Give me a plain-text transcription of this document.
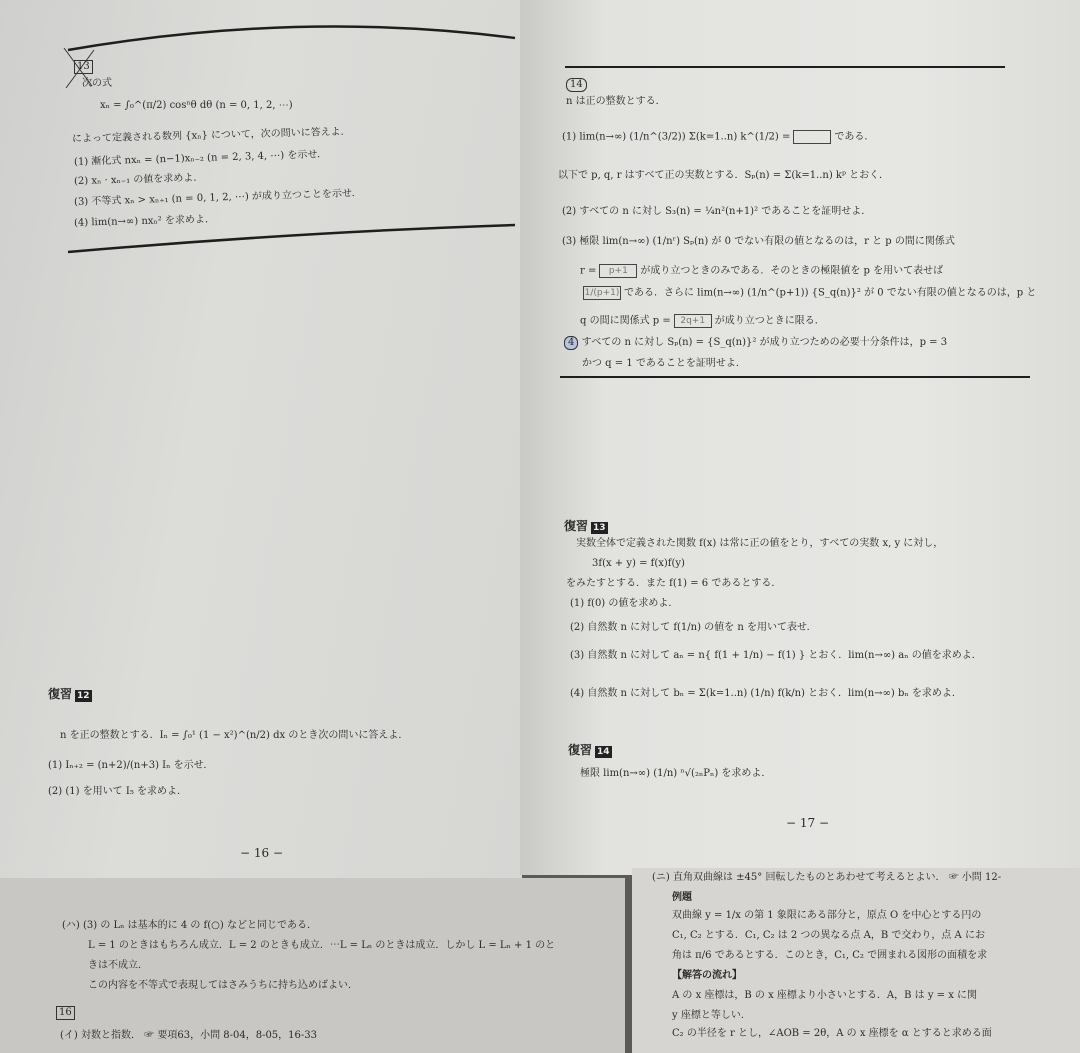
13
次の式
xₙ = ∫₀^(π/2) cosⁿθ dθ (n = 0, 1, 2, ⋯)
によって定義される数列 {xₙ} について，次の問いに答えよ．
(1) 漸化式 nxₙ = (n−1)xₙ₋₂ (n = 2, 3, 4, ⋯) を示せ．
(2) xₙ · xₙ₋₁ の値を求めよ．
(3) 不等式 xₙ > xₙ₊₁ (n = 0, 1, 2, ⋯) が成り立つことを示せ．
(4) lim(n→∞) nxₙ² を求めよ．
復習 12
n を正の整数とする．Iₙ = ∫₀¹ (1 − x²)^(n/2) dx のとき次の問いに答えよ．
(1) Iₙ₊₂ = (n+2)/(n+3) Iₙ を示せ．
(2) (1) を用いて I₅ を求めよ．
− 16 −
14
n は正の整数とする．
(1) lim(n→∞) (1/n^(3/2)) Σ(k=1..n) k^(1/2) =	である．
以下で p, q, r はすべて正の実数とする．Sₚ(n) = Σ(k=1..n) kᵖ とおく．
(2) すべての n に対し S₃(n) = ¼n²(n+1)² であることを証明せよ．
(3) 極限 lim(n→∞) (1/nʳ) Sₚ(n) が 0 でない有限の値となるのは，r と p の間に関係式
r = p+1 が成り立つときのみである．そのときの極限値を p を用いて表せば
1/(p+1) である．さらに lim(n→∞) (1/n^(p+1)) {S_q(n)}² が 0 でない有限の値となるのは，p と
q の間に関係式 p = 2q+1 が成り立つときに限る．
4 すべての n に対し Sₚ(n) = {S_q(n)}² が成り立つための必要十分条件は，p = 3
かつ q = 1 であることを証明せよ．
復習 13
実数全体で定義された関数 f(x) は常に正の値をとり，すべての実数 x, y に対し，
3f(x + y) = f(x)f(y)
をみたすとする．また f(1) = 6 であるとする．
(1) f(0) の値を求めよ．
(2) 自然数 n に対して f(1/n) の値を n を用いて表せ．
(3) 自然数 n に対して aₙ = n{ f(1 + 1/n) − f(1) } とおく．lim(n→∞) aₙ の値を求めよ．
(4) 自然数 n に対して bₙ = Σ(k=1..n) (1/n) f(k/n) とおく．lim(n→∞) bₙ を求めよ．
復習 14
極限 lim(n→∞) (1/n) ⁿ√(₂ₙPₙ) を求めよ．
− 17 −
(ハ) (3) の Lₙ は基本的に 4 の f(○) などと同じである．
L = 1 のときはもちろん成立．L = 2 のときも成立．⋯L = Lₙ のときは成立．しかし L = Lₙ + 1 のと
きは不成立．
この内容を不等式で表現してはさみうちに持ち込めばよい．
16
(イ) 対数と指数． ☞ 要項63，小問 8-04，8-05，16-33
(ニ) 直角双曲線は ±45° 回転したものとあわせて考えるとよい． ☞ 小問 12-
例題
双曲線 y = 1/x の第 1 象限にある部分と，原点 O を中心とする円の
C₁, C₂ とする．C₁, C₂ は 2 つの異なる点 A，B で交わり，点 A にお
角は π/6 であるとする．このとき，C₁, C₂ で囲まれる図形の面積を求
【解答の流れ】
A の x 座標は，B の x 座標より小さいとする．A，B は y = x に関
y 座標と等しい．
C₂ の半径を r とし，∠AOB = 2θ，A の x 座標を α とすると求める面
